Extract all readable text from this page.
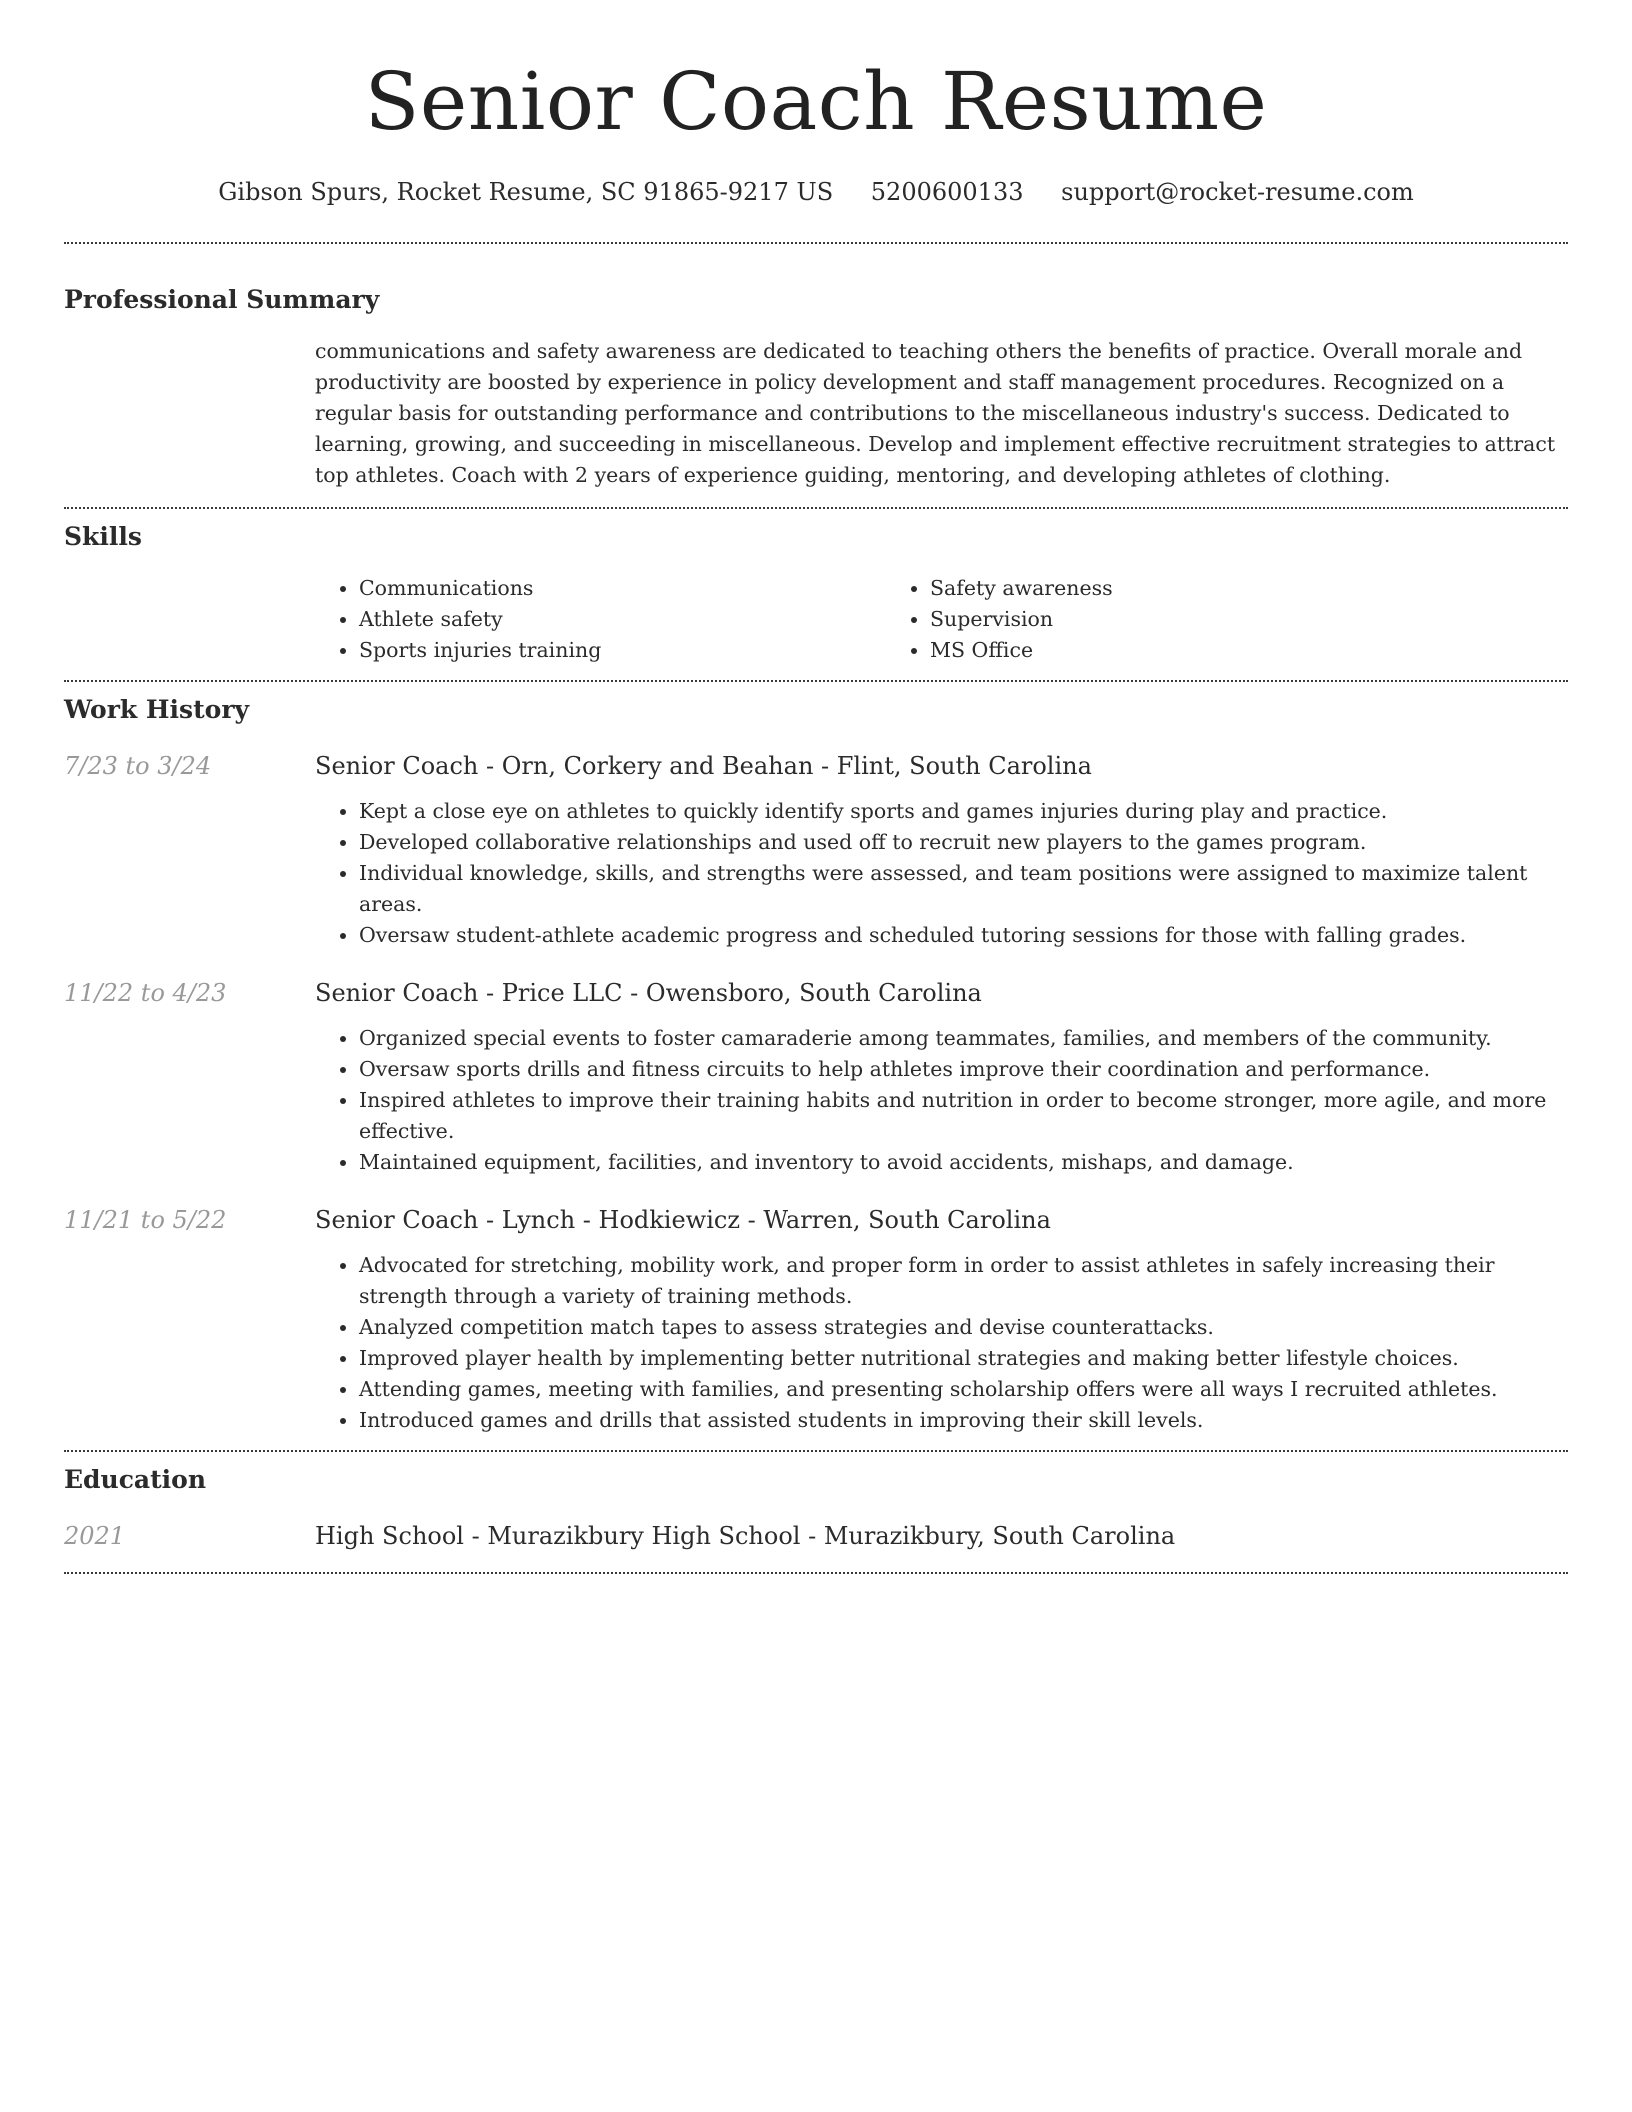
Senior Coach Resume
Gibson Spurs, Rocket Resume, SC 91865-9217 US 5200600133 support@rocket-resume.com
Professional Summary
communications and safety awareness are dedicated to teaching others the benefits of practice. Overall morale and productivity are boosted by experience in policy development and staff management procedures. Recognized on a regular basis for outstanding performance and contributions to the miscellaneous industry's success. Dedicated to learning, growing, and succeeding in miscellaneous. Develop and implement effective recruitment strategies to attract top athletes. Coach with 2 years of experience guiding, mentoring, and developing athletes of clothing.
Skills
• Communications
• Athlete safety
• Sports injuries training
• Safety awareness
• Supervision
• MS Office
Work History
7/23 to 3/24	Senior Coach - Orn, Corkery and Beahan - Flint, South Carolina
• Kept a close eye on athletes to quickly identify sports and games injuries during play and practice.
• Developed collaborative relationships and used off to recruit new players to the games program.
• Individual knowledge, skills, and strengths were assessed, and team positions were assigned to maximize talent areas.
• Oversaw student-athlete academic progress and scheduled tutoring sessions for those with falling grades.
11/22 to 4/23	Senior Coach - Price LLC - Owensboro, South Carolina
• Organized special events to foster camaraderie among teammates, families, and members of the community.
• Oversaw sports drills and fitness circuits to help athletes improve their coordination and performance.
• Inspired athletes to improve their training habits and nutrition in order to become stronger, more agile, and more effective.
• Maintained equipment, facilities, and inventory to avoid accidents, mishaps, and damage.
11/21 to 5/22	Senior Coach - Lynch - Hodkiewicz - Warren, South Carolina
• Advocated for stretching, mobility work, and proper form in order to assist athletes in safely increasing their strength through a variety of training methods.
• Analyzed competition match tapes to assess strategies and devise counterattacks.
• Improved player health by implementing better nutritional strategies and making better lifestyle choices.
• Attending games, meeting with families, and presenting scholarship offers were all ways I recruited athletes.
• Introduced games and drills that assisted students in improving their skill levels.
Education
2021	High School - Murazikbury High School - Murazikbury, South Carolina
